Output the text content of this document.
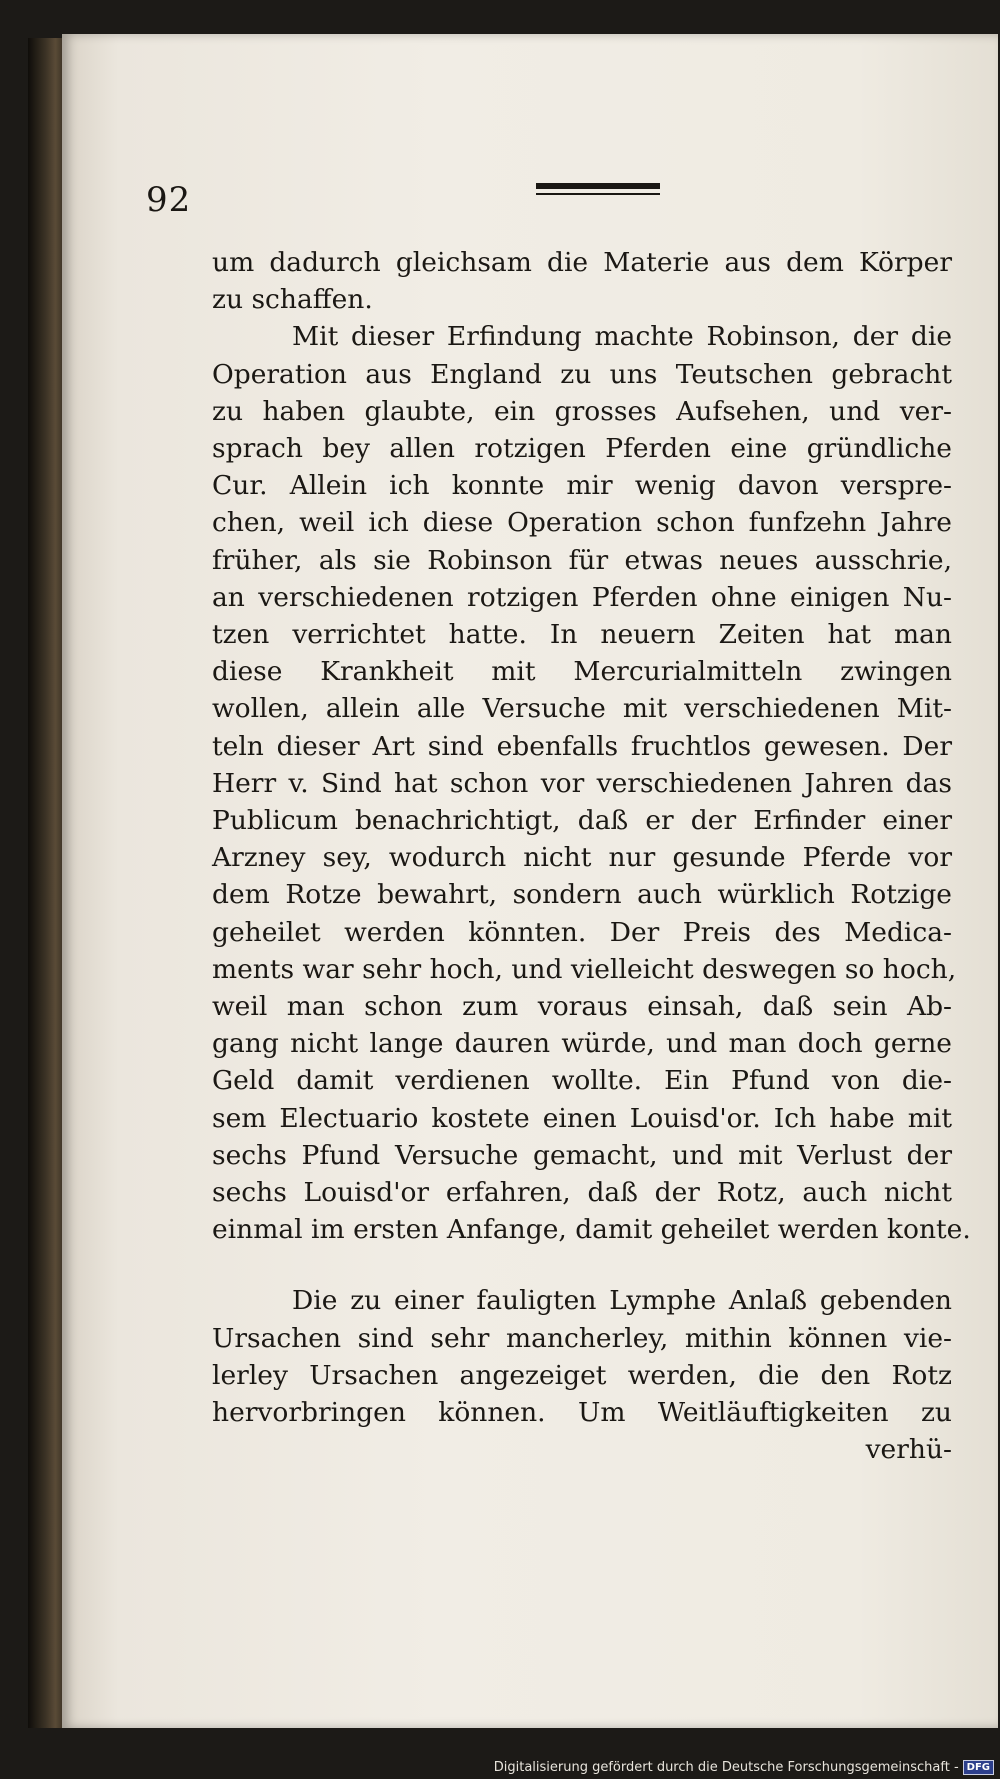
92
um dadurch gleichsam die Materie aus dem Körper
zu schaffen.
Mit dieser Erfindung machte Robinson, der die
Operation aus England zu uns Teutschen gebracht
zu haben glaubte, ein grosses Aufsehen, und ver-
sprach bey allen rotzigen Pferden eine gründliche
Cur. Allein ich konnte mir wenig davon verspre-
chen, weil ich diese Operation schon funfzehn Jahre
früher, als sie Robinson für etwas neues ausschrie,
an verschiedenen rotzigen Pferden ohne einigen Nu-
tzen verrichtet hatte. In neuern Zeiten hat man
diese Krankheit mit Mercurialmitteln zwingen
wollen, allein alle Versuche mit verschiedenen Mit-
teln dieser Art sind ebenfalls fruchtlos gewesen. Der
Herr v. Sind hat schon vor verschiedenen Jahren das
Publicum benachrichtigt, daß er der Erfinder einer
Arzney sey, wodurch nicht nur gesunde Pferde vor
dem Rotze bewahrt, sondern auch würklich Rotzige
geheilet werden könnten. Der Preis des Medica-
ments war sehr hoch, und vielleicht deswegen so hoch,
weil man schon zum voraus einsah, daß sein Ab-
gang nicht lange dauren würde, und man doch gerne
Geld damit verdienen wollte. Ein Pfund von die-
sem Electuario kostete einen Louisd'or. Ich habe mit
sechs Pfund Versuche gemacht, und mit Verlust der
sechs Louisd'or erfahren, daß der Rotz, auch nicht
einmal im ersten Anfange, damit geheilet werden konte.
Die zu einer fauligten Lymphe Anlaß gebenden
Ursachen sind sehr mancherley, mithin können vie-
lerley Ursachen angezeiget werden, die den Rotz
hervorbringen können. Um Weitläuftigkeiten zu
verhü-
Digitalisierung gefördert durch die Deutsche Forschungsgemeinschaft - DFG
